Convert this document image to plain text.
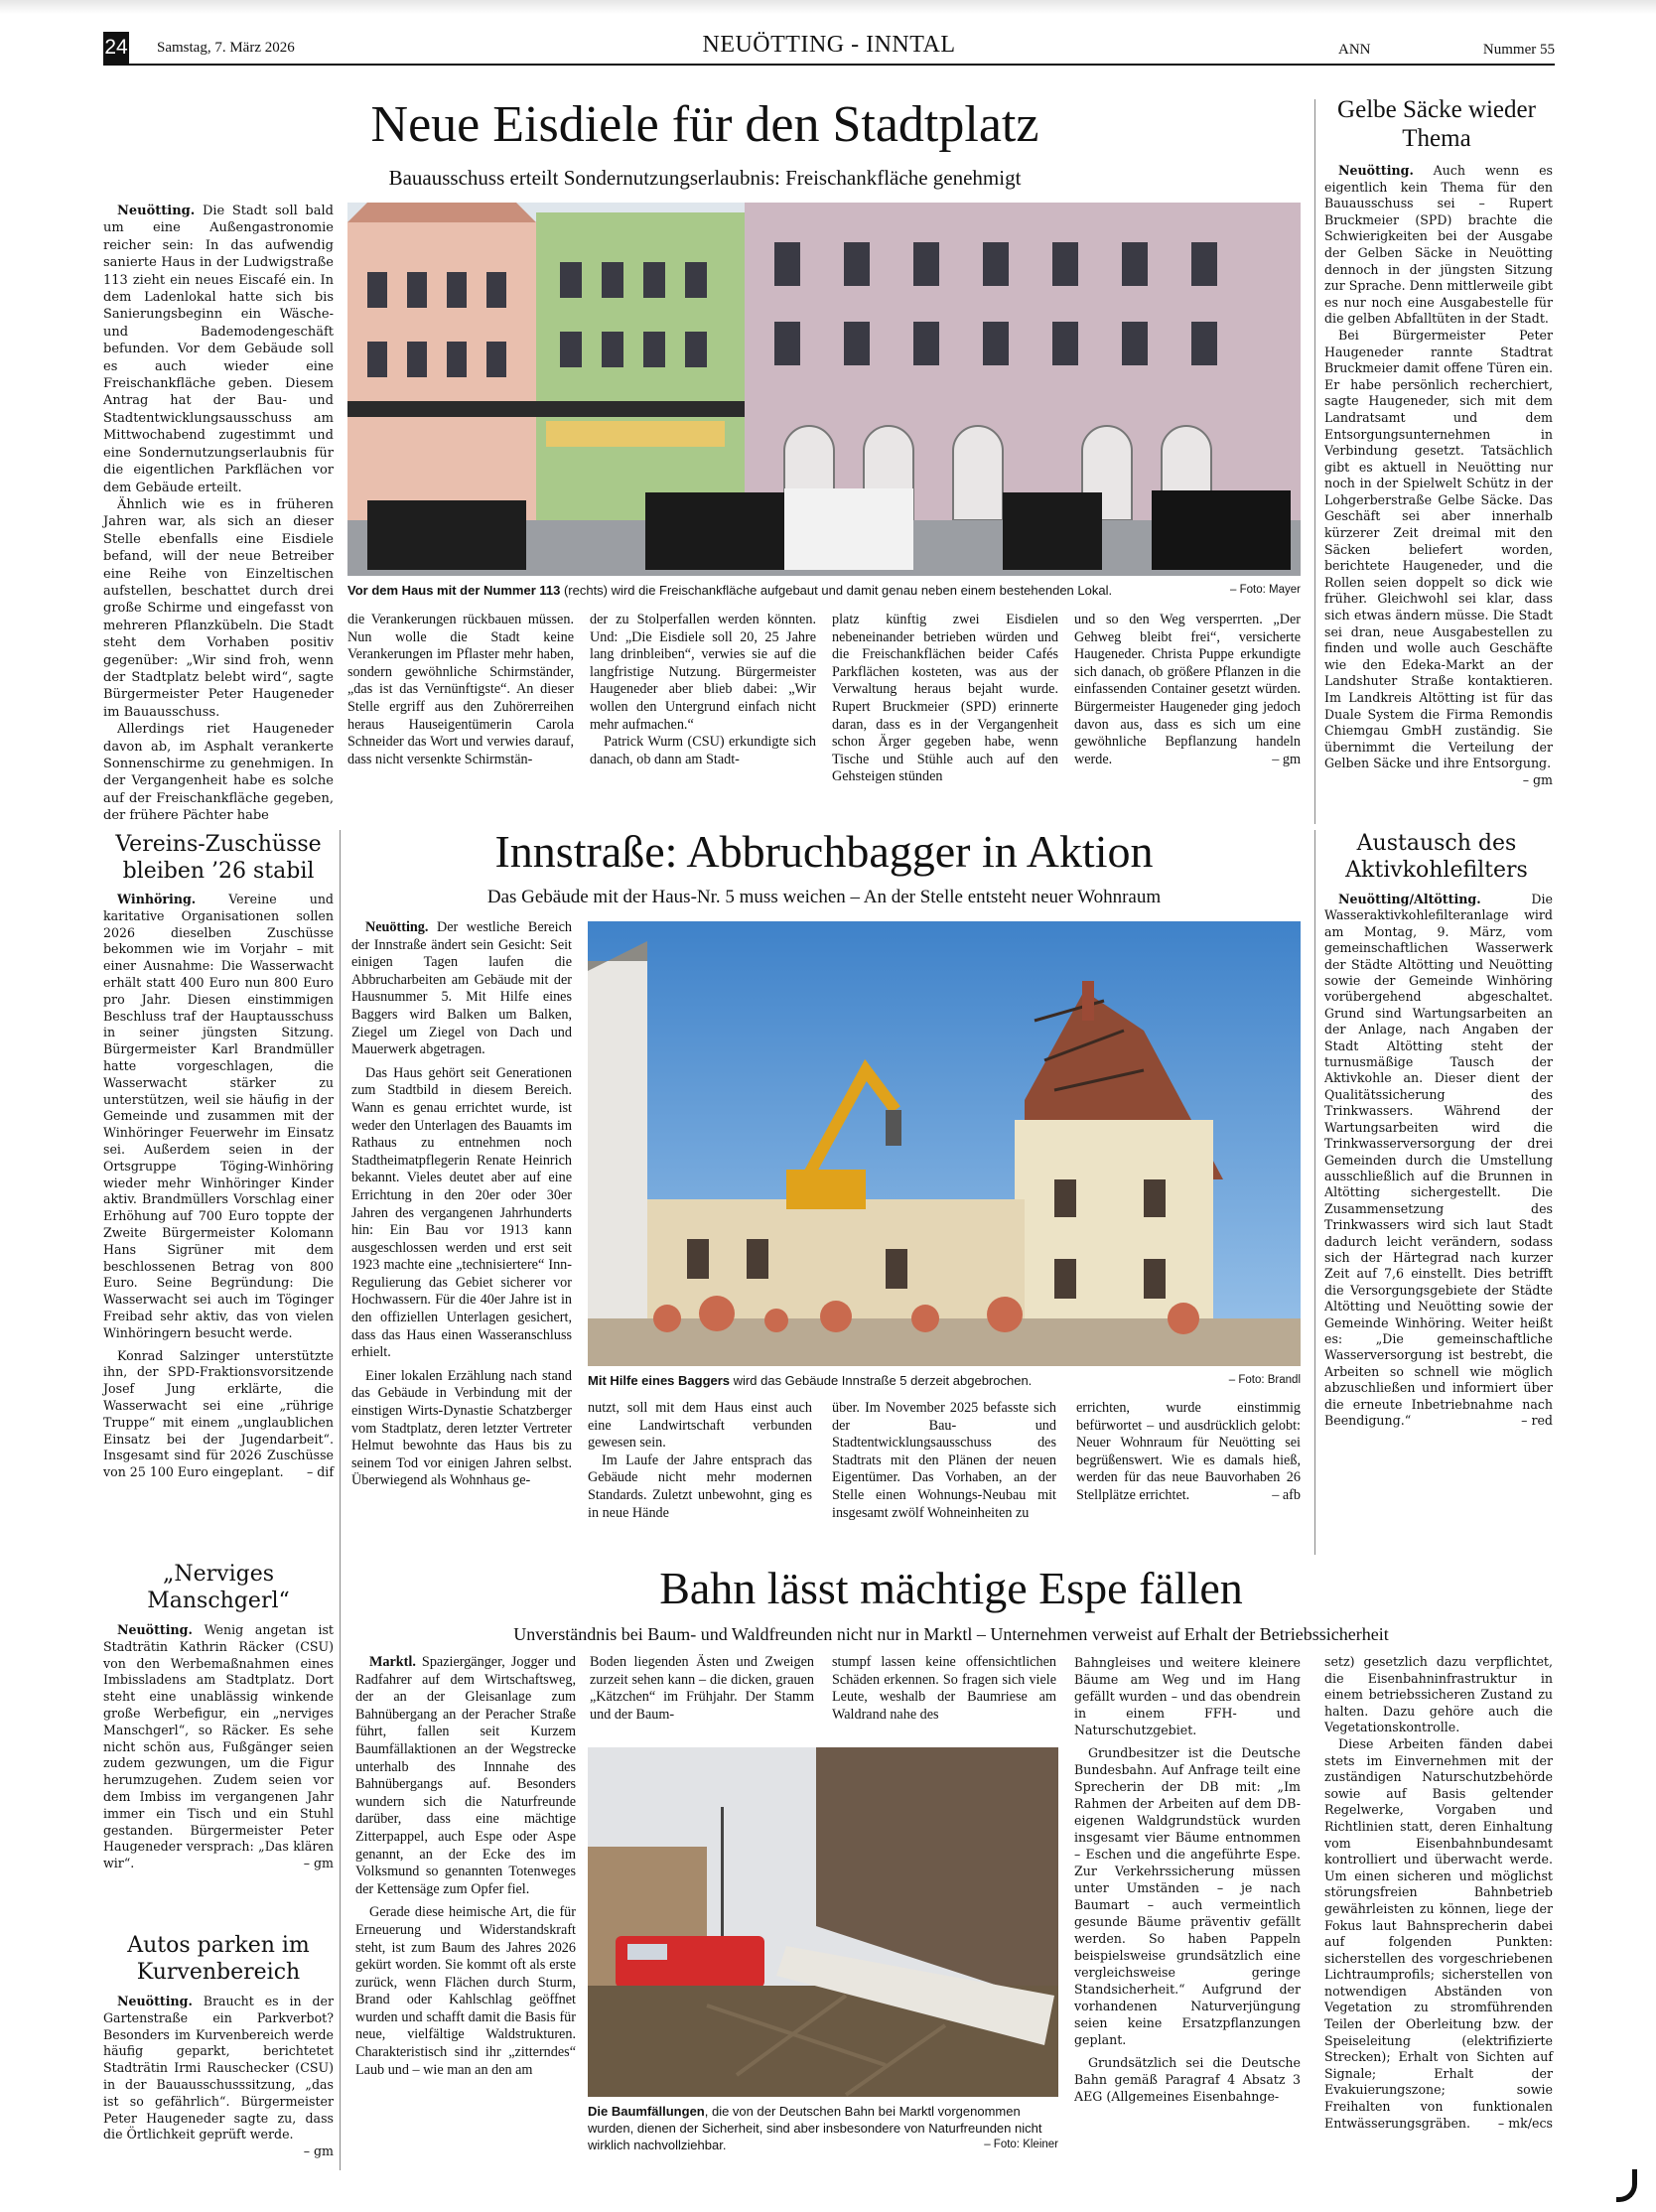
24 Samstag, 7. März 2026	NEUÖTTING - INNTAL	ANN	Nummer 55
Neue Eisdiele für den Stadtplatz
Bauausschuss erteilt Sondernutzungserlaubnis: Freischankfläche genehmigt

Neuötting. Die Stadt soll bald um eine Außengastronomie reicher sein: In das aufwendig sanierte Haus in der Ludwigstraße 113 zieht ein neues Eiscafé ein. In dem Ladenlokal hatte sich bis Sanierungsbeginn ein Wäsche- und Bademodengeschäft befunden. Vor dem Gebäude soll es auch wieder eine Freischankfläche geben. Diesem Antrag hat der Bau- und Stadtentwicklungsausschuss am Mittwochabend zugestimmt und eine Sondernutzungserlaubnis für die eigentlichen Parkflächen vor dem Gebäude erteilt.

Ähnlich wie es in früheren Jahren war, als sich an dieser Stelle ebenfalls eine Eisdiele befand, will der neue Betreiber eine Reihe von Einzeltischen aufstellen, beschattet durch drei große Schirme und eingefasst von mehreren Pflanzkübeln. Die Stadt steht dem Vorhaben positiv gegenüber: „Wir sind froh, wenn der Stadtplatz belebt wird“, sagte Bürgermeister Peter Haugeneder im Bauausschuss.

Allerdings riet Haugeneder davon ab, im Asphalt verankerte Sonnenschirme zu genehmigen. In der Vergangenheit habe es solche auf der Freischankfläche gegeben, der frühere Pächter habe

Vor dem Haus mit der Nummer 113 (rechts) wird die Freischankfläche aufgebaut und damit genau neben einem bestehenden Lokal.	– Foto: Mayer

die Verankerungen rückbauen müssen. Nun wolle die Stadt keine Verankerungen im Pflaster mehr haben, sondern gewöhnliche Schirmständer, „das ist das Vernünftigste“. An dieser Stelle ergriff aus den Zuhörerreihen heraus Hauseigentümerin Carola Schneider das Wort und verwies darauf, dass nicht versenkte Schirmstän-

der zu Stolperfallen werden könnten. Und: „Die Eisdiele soll 20, 25 Jahre lang drinbleiben“, verwies sie auf die langfristige Nutzung. Bürgermeister Haugeneder aber blieb dabei: „Wir wollen den Untergrund einfach nicht mehr aufmachen.“

Patrick Wurm (CSU) erkundigte sich danach, ob dann am Stadt-

platz künftig zwei Eisdielen nebeneinander betrieben würden und die Freischankflächen beider Cafés Parkflächen kosteten, was aus der Verwaltung heraus bejaht wurde. Rupert Bruckmeier (SPD) erinnerte daran, dass es in der Vergangenheit schon Ärger gegeben habe, wenn Tische und Stühle auch auf den Gehsteigen stünden

und so den Weg versperrten. „Der Gehweg bleibt frei“, versicherte Haugeneder. Christa Puppe erkundigte sich danach, ob größere Pflanzen in die einfassenden Container gesetzt würden. Bürgermeister Haugeneder ging jedoch davon aus, dass es sich um eine gewöhnliche Bepflanzung handeln werde.	– gm

Gelbe Säcke wieder Thema

Neuötting. Auch wenn es eigentlich kein Thema für den Bauausschuss sei – Rupert Bruckmeier (SPD) brachte die Schwierigkeiten bei der Ausgabe der Gelben Säcke in Neuötting dennoch in der jüngsten Sitzung zur Sprache. Denn mittlerweile gibt es nur noch eine Ausgabestelle für die gelben Abfalltüten in der Stadt.

Bei Bürgermeister Peter Haugeneder rannte Stadtrat Bruckmeier damit offene Türen ein. Er habe persönlich recherchiert, sagte Haugeneder, sich mit dem Landratsamt und dem Entsorgungsunternehmen in Verbindung gesetzt. Tatsächlich gibt es aktuell in Neuötting nur noch in der Spielwelt Schütz in der Lohgerberstraße Gelbe Säcke. Das Geschäft sei aber innerhalb kürzerer Zeit dreimal mit den Säcken beliefert worden, berichtete Haugeneder, und die Rollen seien doppelt so dick wie früher. Gleichwohl sei klar, dass sich etwas ändern müsse. Die Stadt sei dran, neue Ausgabestellen zu finden und wolle auch Geschäfte wie den Edeka-Markt an der Landshuter Straße kontaktieren. Im Landkreis Altötting ist für das Duale System die Firma Remondis Chiemgau GmbH zuständig. Sie übernimmt die Verteilung der Gelben Säcke und ihre Entsorgung.
– gm

Vereins-Zuschüsse bleiben ’26 stabil

Winhöring. Vereine und karitative Organisationen sollen 2026 dieselben Zuschüsse bekommen wie im Vorjahr – mit einer Ausnahme: Die Wasserwacht erhält statt 400 Euro nun 800 Euro pro Jahr. Diesen einstimmigen Beschluss traf der Hauptausschuss in seiner jüngsten Sitzung. Bürgermeister Karl Brandmüller hatte vorgeschlagen, die Wasserwacht stärker zu unterstützen, weil sie häufig in der Gemeinde und zusammen mit der Winhöringer Feuerwehr im Einsatz sei. Außerdem seien in der Ortsgruppe Töging-Winhöring wieder mehr Winhöringer Kinder aktiv. Brandmüllers Vorschlag einer Erhöhung auf 700 Euro toppte der Zweite Bürgermeister Kolomann Hans Sigrüner mit dem beschlossenen Betrag von 800 Euro. Seine Begründung: Die Wasserwacht sei auch im Töginger Freibad sehr aktiv, das von vielen Winhöringern besucht werde.

Konrad Salzinger unterstützte ihn, der SPD-Fraktionsvorsitzende Josef Jung erklärte, die Wasserwacht sei eine „rührige Truppe“ mit einem „unglaublichen Einsatz bei der Jugendarbeit“. Insgesamt sind für 2026 Zuschüsse von 25 100 Euro eingeplant.	– dif

Innstraße: Abbruchbagger in Aktion
Das Gebäude mit der Haus-Nr. 5 muss weichen – An der Stelle entsteht neuer Wohnraum

Neuötting. Der westliche Bereich der Innstraße ändert sein Gesicht: Seit einigen Tagen laufen die Abbrucharbeiten am Gebäude mit der Hausnummer 5. Mit Hilfe eines Baggers wird Balken um Balken, Ziegel um Ziegel von Dach und Mauerwerk abgetragen.

Das Haus gehört seit Generationen zum Stadtbild in diesem Bereich. Wann es genau errichtet wurde, ist weder den Unterlagen des Bauamts im Rathaus zu entnehmen noch Stadtheimatpflegerin Renate Heinrich bekannt. Vieles deutet aber auf eine Errichtung in den 20er oder 30er Jahren des vergangenen Jahrhunderts hin: Ein Bau vor 1913 kann ausgeschlossen werden und erst seit 1923 machte eine „technisiertere“ Inn-Regulierung das Gebiet sicherer vor Hochwassern. Für die 40er Jahre ist in den offiziellen Unterlagen gesichert, dass das Haus einen Wasseranschluss erhielt.

Einer lokalen Erzählung nach stand das Gebäude in Verbindung mit der einstigen Wirts-Dynastie Schatzberger vom Stadtplatz, deren letzter Vertreter Helmut bewohnte das Haus bis zu seinem Tod vor einigen Jahren selbst. Überwiegend als Wohnhaus ge-

Mit Hilfe eines Baggers wird das Gebäude Innstraße 5 derzeit abgebrochen.	– Foto: Brandl

nutzt, soll mit dem Haus einst auch eine Landwirtschaft verbunden gewesen sein.

Im Laufe der Jahre entsprach das Gebäude nicht mehr modernen Standards. Zuletzt unbewohnt, ging es in neue Hände

über. Im November 2025 befasste sich der Bau- und Stadtentwicklungsausschuss des Stadtrats mit den Plänen der neuen Eigentümer. Das Vorhaben, an der Stelle einen Wohnungs-Neubau mit insgesamt zwölf Wohneinheiten zu

errichten, wurde einstimmig befürwortet – und ausdrücklich gelobt: Neuer Wohnraum für Neuötting sei begrüßenswert. Wie es damals hieß, werden für das neue Bauvorhaben 26 Stellplätze errichtet.	– afb

Austausch des Aktivkohlefilters

Neuötting/Altötting. Die Wasseraktivkohlefilteranlage wird am Montag, 9. März, vom gemeinschaftlichen Wasserwerk der Städte Altötting und Neuötting sowie der Gemeinde Winhöring vorübergehend abgeschaltet. Grund sind Wartungsarbeiten an der Anlage, nach Angaben der Stadt Altötting steht der turnusmäßige Tausch der Aktivkohle an. Dieser dient der Qualitätssicherung des Trinkwassers. Während der Wartungsarbeiten wird die Trinkwasserversorgung der drei Gemeinden durch die Umstellung ausschließlich auf die Brunnen in Altötting sichergestellt. Die Zusammensetzung des Trinkwassers wird sich laut Stadt dadurch leicht verändern, sodass sich der Härtegrad nach kurzer Zeit auf 7,6 einstellt. Dies betrifft die Versorgungsgebiete der Städte Altötting und Neuötting sowie der Gemeinde Winhöring. Weiter heißt es: „Die gemeinschaftliche Wasserversorgung ist bestrebt, die Arbeiten so schnell wie möglich abzuschließen und informiert über die erneute Inbetriebnahme nach Beendigung.“	– red

„Nerviges Manschgerl“

Neuötting. Wenig angetan ist Stadträtin Kathrin Räcker (CSU) von den Werbemaßnahmen eines Imbissladens am Stadtplatz. Dort steht eine unablässig winkende große Werbefigur, ein „nerviges Manschgerl“, so Räcker. Es sehe nicht schön aus, Fußgänger seien zudem gezwungen, um die Figur herumzugehen. Zudem seien vor dem Imbiss im vergangenen Jahr immer ein Tisch und ein Stuhl gestanden. Bürgermeister Peter Haugeneder versprach: „Das klären wir“.	– gm

Autos parken im Kurvenbereich

Neuötting. Braucht es in der Gartenstraße ein Parkverbot? Besonders im Kurvenbereich werde häufig geparkt, berichtetet Stadträtin Irmi Rauschecker (CSU) in der Bauausschusssitzung, „das ist so gefährlich“. Bürgermeister Peter Haugeneder sagte zu, dass die Örtlichkeit geprüft werde.
– gm

Bahn lässt mächtige Espe fällen
Unverständnis bei Baum- und Waldfreunden nicht nur in Marktl – Unternehmen verweist auf Erhalt der Betriebssicherheit

Marktl. Spaziergänger, Jogger und Radfahrer auf dem Wirtschaftsweg, der an der Gleisanlage zum Bahnübergang an der Peracher Straße führt, fallen seit Kurzem Baumfällaktionen an der Wegstrecke unterhalb des Innnahe des Bahnübergangs auf. Besonders wundern sich die Naturfreunde darüber, dass eine mächtige Zitterpappel, auch Espe oder Aspe genannt, an der Ecke des im Volksmund so genannten Totenweges der Kettensäge zum Opfer fiel.

Gerade diese heimische Art, die für Erneuerung und Widerstandskraft steht, ist zum Baum des Jahres 2026 gekürt worden. Sie kommt oft als erste zurück, wenn Flächen durch Sturm, Brand oder Kahlschlag geöffnet wurden und schafft damit die Basis für neue, vielfältige Waldstrukturen. Charakteristisch sind ihr „zitterndes“ Laub und – wie man an den am

Boden liegenden Ästen und Zweigen zurzeit sehen kann – die dicken, grauen „Kätzchen“ im Frühjahr. Der Stamm und der Baum-

stumpf lassen keine offensichtlichen Schäden erkennen. So fragen sich viele Leute, weshalb der Baumriese am Waldrand nahe des

Die Baumfällungen, die von der Deutschen Bahn bei Marktl vorgenommen wurden, dienen der Sicherheit, sind aber insbesondere von Naturfreunden nicht wirklich nachvollziehbar.	– Foto: Kleiner

Bahngleises und weitere kleinere Bäume am Weg und im Hang gefällt wurden – und das obendrein in einem FFH- und Naturschutzgebiet.

Grundbesitzer ist die Deutsche Bundesbahn. Auf Anfrage teilt eine Sprecherin der DB mit: „Im Rahmen der Arbeiten auf dem DB-eigenen Waldgrundstück wurden insgesamt vier Bäume entnommen – Eschen und die angeführte Espe. Zur Verkehrssicherung müssen unter Umständen – je nach Baumart – auch vermeintlich gesunde Bäume präventiv gefällt werden. So haben Pappeln beispielsweise grundsätzlich eine vergleichsweise geringe Standsicherheit.“ Aufgrund der vorhandenen Naturverjüngung seien keine Ersatzpflanzungen geplant.

Grundsätzlich sei die Deutsche Bahn gemäß Paragraf 4 Absatz 3 AEG (Allgemeines Eisenbahnge-

setz) gesetzlich dazu verpflichtet, die Eisenbahninfrastruktur in einem betriebssicheren Zustand zu halten. Dazu gehöre auch die Vegetationskontrolle.

Diese Arbeiten fänden dabei stets im Einvernehmen mit der zuständigen Naturschutzbehörde sowie auf Basis geltender Regelwerke, Vorgaben und Richtlinien statt, deren Einhaltung vom Eisenbahnbundesamt kontrolliert und überwacht werde. Um einen sicheren und möglichst störungsfreien Bahnbetrieb gewährleisten zu können, liege der Fokus laut Bahnsprecherin dabei auf folgenden Punkten: sicherstellen des vorgeschriebenen Lichtraumprofils; sicherstellen von notwendigen Abständen von Vegetation zu stromführenden Teilen der Oberleitung bzw. der Speiseleitung (elektrifizierte Strecken); Erhalt von Sichten auf Signale; Erhalt der Evakuierungszone; sowie Freihalten von funktionalen Entwässerungsgräben.	– mk/ecs
